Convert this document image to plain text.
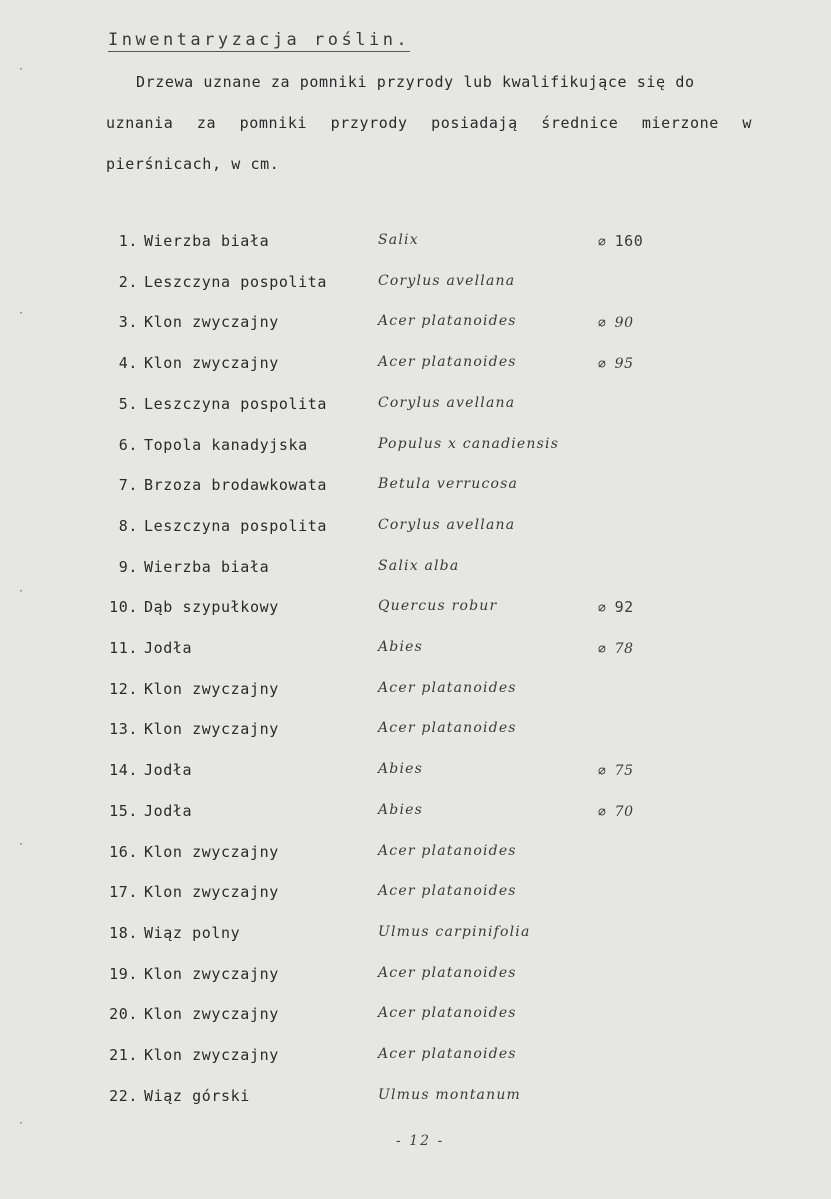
Inwentaryzacja roślin.
Drzewa uznane za pomniki przyrody lub kwalifikujące się do
uznania za pomniki przyrody posiadają średnice mierzone w
pierśnicach, w cm.
1. Wierzba biała	Salix	⌀ 160
2. Leszczyna pospolita	Corylus avellana
3. Klon zwyczajny	Acer platanoides	⌀ 90
4. Klon zwyczajny	Acer platanoides	⌀ 95
5. Leszczyna pospolita	Corylus avellana
6. Topola kanadyjska	Populus x canadiensis
7. Brzoza brodawkowata	Betula verrucosa
8. Leszczyna pospolita	Corylus avellana
9. Wierzba biała	Salix alba
10. Dąb szypułkowy	Quercus robur	⌀ 92
11. Jodła	Abies	⌀ 78
12. Klon zwyczajny	Acer platanoides
13. Klon zwyczajny	Acer platanoides
14. Jodła	Abies	⌀ 75
15. Jodła	Abies	⌀ 70
16. Klon zwyczajny	Acer platanoides
17. Klon zwyczajny	Acer platanoides
18. Wiąz polny	Ulmus carpinifolia
19. Klon zwyczajny	Acer platanoides
20. Klon zwyczajny	Acer platanoides
21. Klon zwyczajny	Acer platanoides
22. Wiąz górski	Ulmus montanum
- 12 -
·
·
·
·
·
